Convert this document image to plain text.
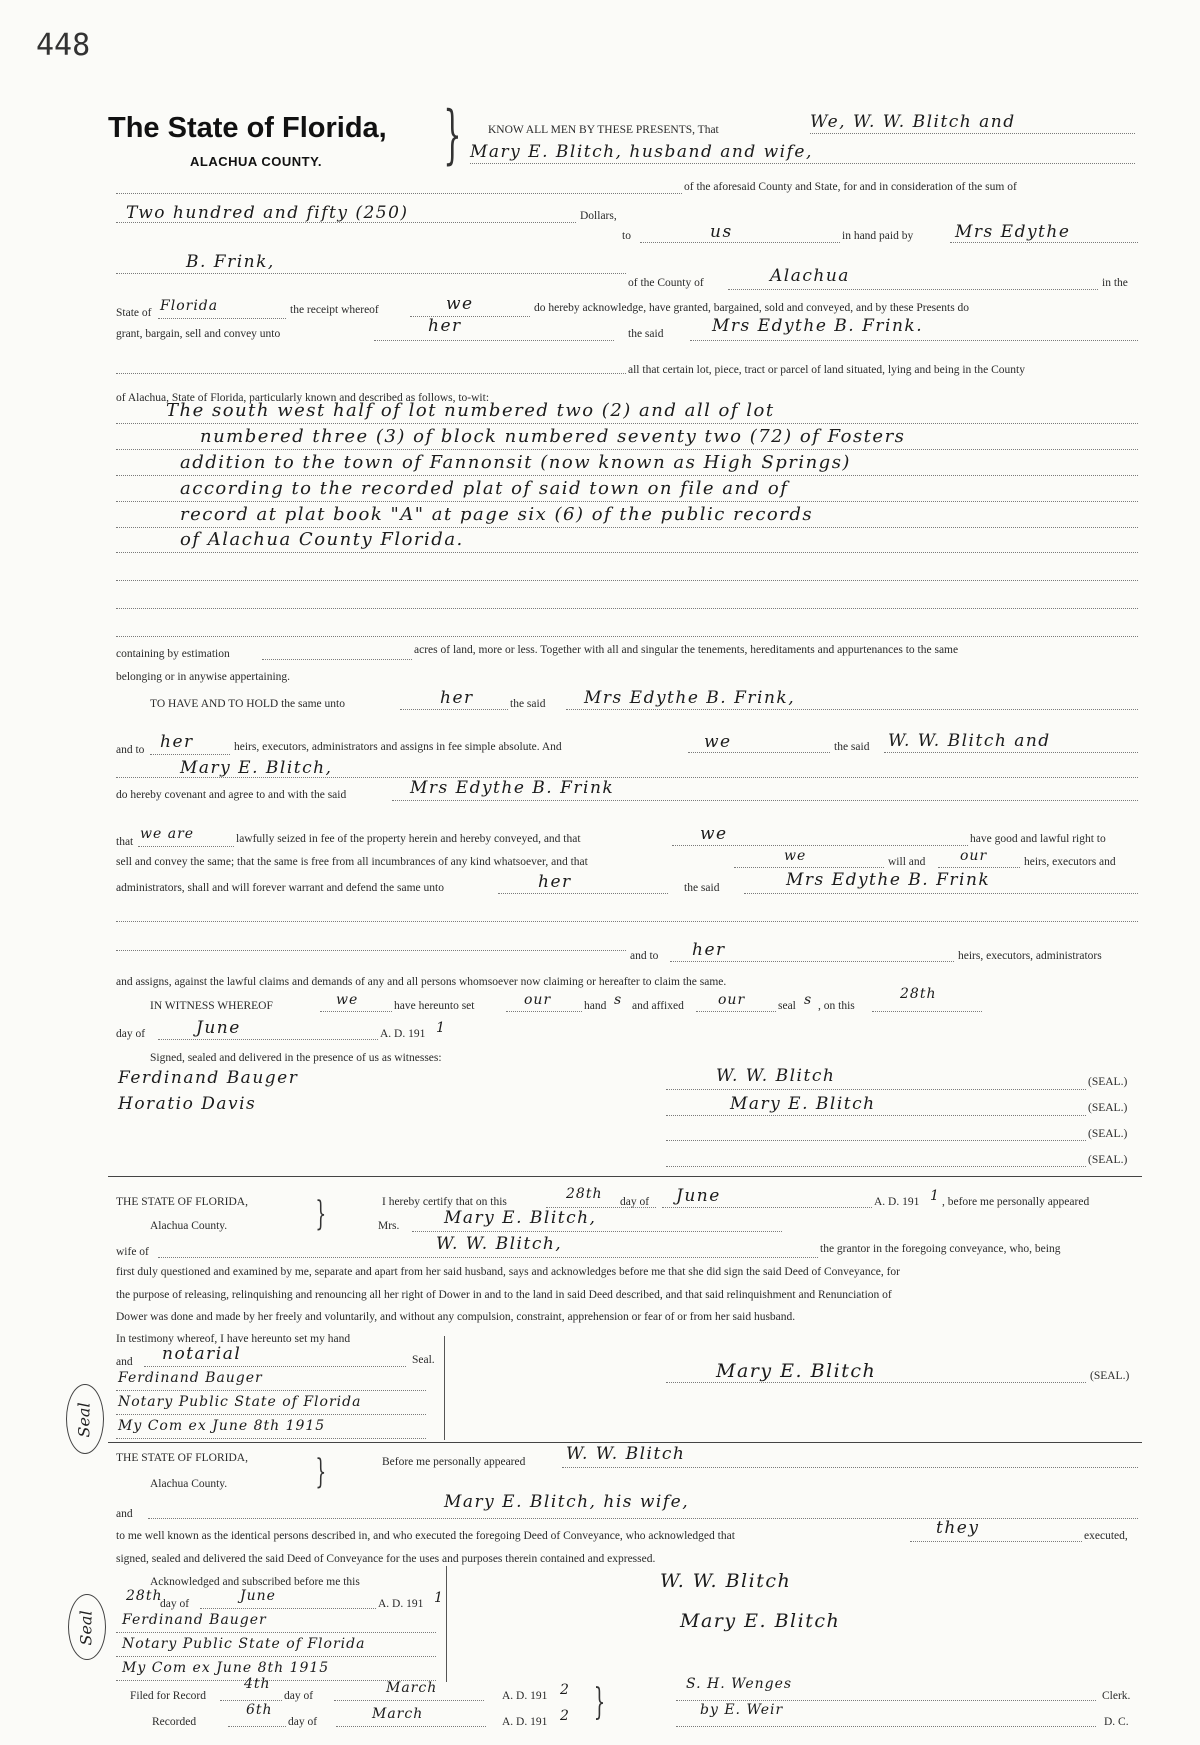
448
The State of Florida,
ALACHUA COUNTY. } KNOW ALL MEN BY THESE PRESENTS, That	We, W. W. Blitch and
Mary E. Blitch, husband and wife,
of the aforesaid County and State, for and in consideration of the sum of
Two hundred and fifty (250)	Dollars,
to	us	in hand paid by Mrs Edythe
B. Frink,
of the County of	Alachua	in the
State of Florida	the receipt whereof	we	do hereby acknowledge, have granted, bargained, sold and conveyed, and by these Presents do
grant, bargain, sell and convey unto	her	the said	Mrs Edythe B. Frink.
all that certain lot, piece, tract or parcel of land situated, lying and being in the County
of Alachua, State of Florida, particularly known and described as follows, to-wit:
The south west half of lot numbered two (2) and all of lot
numbered three (3) of block numbered seventy two (72) of Fosters
addition to the town of Fannonsit (now known as High Springs)
according to the recorded plat of said town on file and of
record at plat book "A" at page six (6) of the public records
of Alachua County Florida.
containing by estimation	acres of land, more or less. Together with all and singular the tenements, hereditaments and appurtenances to the same
belonging or in anywise appertaining.
TO HAVE AND TO HOLD the same unto	her	the said Mrs Edythe B. Frink,
and to her	heirs, executors, administrators and assigns in fee simple absolute. And	we	the said W. W. Blitch and
Mary E. Blitch,
do hereby covenant and agree to and with the said	Mrs Edythe B. Frink
that we are	lawfully seized in fee of the property herein and hereby conveyed, and that	we	have good and lawful right to
sell and convey the same; that the same is free from all incumbrances of any kind whatsoever, and that	we	will and our	heirs, executors and
administrators, shall and will forever warrant and defend the same unto	her	the said	Mrs Edythe B. Frink
and to her	heirs, executors, administrators
and assigns, against the lawful claims and demands of any and all persons whomsoever now claiming or hereafter to claim the same.
IN WITNESS WHEREOF	we	have hereunto set	our	hand s and affixed our	seal s , on this
28th
day of	June	A. D. 191 1
Signed, sealed and delivered in the presence of us as witnesses:
Ferdinand Bauger
Horatio Davis
W. W. Blitch
Mary E. Blitch
(SEAL.)
(SEAL.)
(SEAL.)
(SEAL.)
THE STATE OF FLORIDA,
Alachua County.	}	I hereby certify that on this	28th day of June	A. D. 191 1 , before me personally appeared
Mrs.	Mary E. Blitch,
wife of	W. W. Blitch,	the grantor in the foregoing conveyance, who, being
first duly questioned and examined by me, separate and apart from her said husband, says and acknowledges before me that she did sign the said Deed of Conveyance, for
the purpose of releasing, relinquishing and renouncing all her right of Dower in and to the land in said Deed described, and that said relinquishment and Renunciation of
Dower was done and made by her freely and voluntarily, and without any compulsion, constraint, apprehension or fear of or from her said husband.
In testimony whereof, I have hereunto set my hand
and notarial	Seal.
Ferdinand Bauger
Notary Public State of Florida
My Com ex June 8th 1915
Seal
Mary E. Blitch	(SEAL.)
THE STATE OF FLORIDA,
Alachua County.	}	Before me personally appeared W. W. Blitch
and
Mary E. Blitch, his wife,
to me well known as the identical persons described in, and who executed the foregoing Deed of Conveyance, who acknowledged that	they	executed,
signed, sealed and delivered the said Deed of Conveyance for the uses and purposes therein contained and expressed.
Acknowledged and subscribed before me this
28th
day of	June	A. D. 191 1
Ferdinand Bauger
Notary Public State of Florida
My Com ex June 8th 1915
Seal
W. W. Blitch
Mary E. Blitch
Filed for Record
4th
day of	March	A. D. 191 2
Recorded
6th
day of	March	A. D. 191 2 }	S. H. Wenges
Clerk.
by E. Weir
D. C.
